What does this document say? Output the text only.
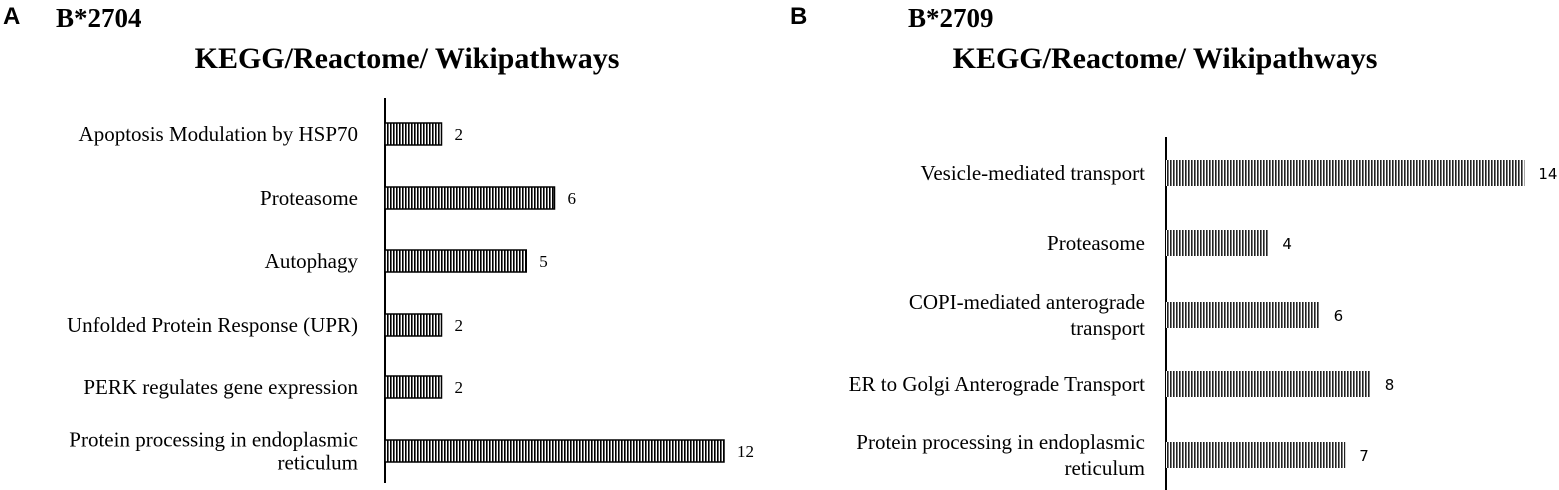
A B*2704
KEGG/Reactome/ Wikipathways
Apoptosis Modulation by HSP70	2
Proteasome	6
Autophagy	5
Unfolded Protein Response (UPR)	2
PERK regulates gene expression	2
Protein processing in endoplasmic reticulum	12
B	B*2709
KEGG/Reactome/ Wikipathways
Vesicle-mediated transport	14
Proteasome	4
COPI-mediated anterograde transport	6
ER to Golgi Anterograde Transport	8
Protein processing in endoplasmic reticulum	7
